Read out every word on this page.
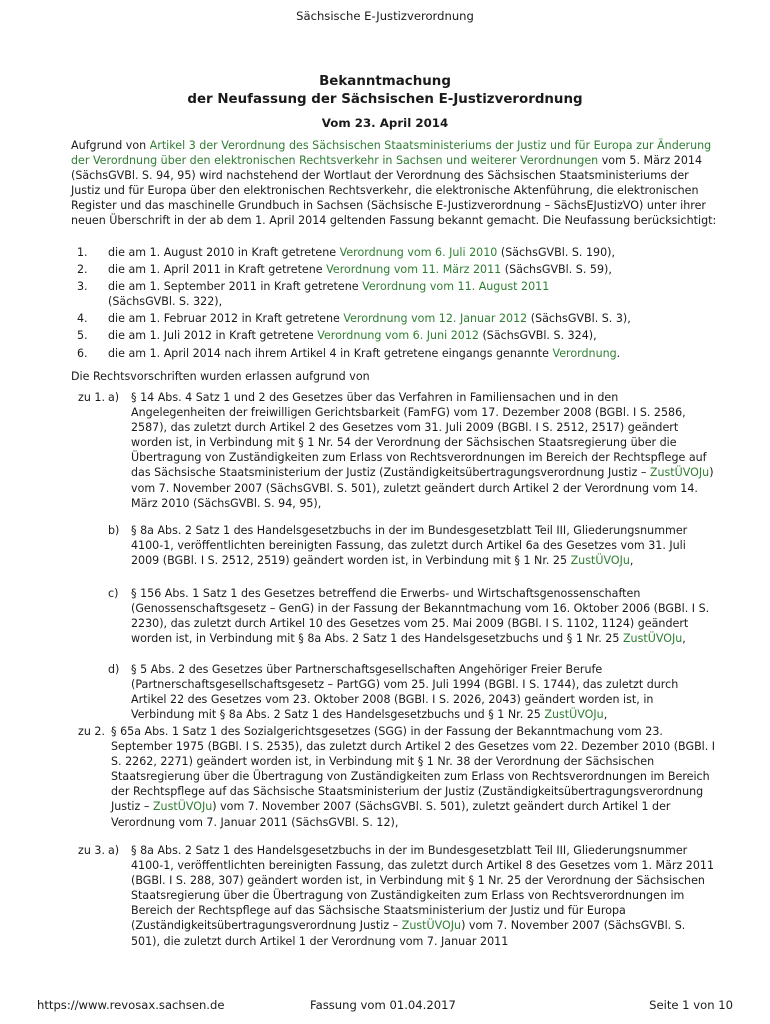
Sächsische E-Justizverordnung
Bekanntmachung
der Neufassung der Sächsischen E-Justizverordnung
Vom 23. April 2014
Aufgrund von Artikel 3 der Verordnung des Sächsischen Staatsministeriums der Justiz und für Europa zur Änderung der Verordnung über den elektronischen Rechtsverkehr in Sachsen und weiterer Verordnungen vom 5. März 2014 (SächsGVBl. S. 94, 95) wird nachstehend der Wortlaut der Verordnung des Sächsischen Staatsministeriums der Justiz und für Europa über den elektronischen Rechtsverkehr, die elektronische Aktenführung, die elektronischen Register und das maschinelle Grundbuch in Sachsen (Sächsische E-Justizverordnung – SächsEJustizVO) unter ihrer neuen Überschrift in der ab dem 1. April 2014 geltenden Fassung bekannt gemacht. Die Neufassung berücksichtigt:
1. die am 1. August 2010 in Kraft getretene Verordnung vom 6. Juli 2010 (SächsGVBl. S. 190),
2. die am 1. April 2011 in Kraft getretene Verordnung vom 11. März 2011 (SächsGVBl. S. 59),
3. die am 1. September 2011 in Kraft getretene Verordnung vom 11. August 2011
(SächsGVBl. S. 322),
4. die am 1. Februar 2012 in Kraft getretene Verordnung vom 12. Januar 2012 (SächsGVBl. S. 3),
5. die am 1. Juli 2012 in Kraft getretene Verordnung vom 6. Juni 2012 (SächsGVBl. S. 324),
6. die am 1. April 2014 nach ihrem Artikel 4 in Kraft getretene eingangs genannte Verordnung.
Die Rechtsvorschriften wurden erlassen aufgrund von
zu 1. a) § 14 Abs. 4 Satz 1 und 2 des Gesetzes über das Verfahren in Familiensachen und in den Angelegenheiten der freiwilligen Gerichtsbarkeit (FamFG) vom 17. Dezember 2008 (BGBl. I S. 2586, 2587), das zuletzt durch Artikel 2 des Gesetzes vom 31. Juli 2009 (BGBl. I S. 2512, 2517) geändert worden ist, in Verbindung mit § 1 Nr. 54 der Verordnung der Sächsischen Staatsregierung über die Übertragung von Zuständigkeiten zum Erlass von Rechtsverordnungen im Bereich der Rechtspflege auf das Sächsische Staatsministerium der Justiz (Zuständigkeitsübertragungsverordnung Justiz – ZustÜVOJu) vom 7. November 2007 (SächsGVBl. S. 501), zuletzt geändert durch Artikel 2 der Verordnung vom 14. März 2010 (SächsGVBl. S. 94, 95),
b) § 8a Abs. 2 Satz 1 des Handelsgesetzbuchs in der im Bundesgesetzblatt Teil III, Gliederungsnummer 4100-1, veröffentlichten bereinigten Fassung, das zuletzt durch Artikel 6a des Gesetzes vom 31. Juli 2009 (BGBl. I S. 2512, 2519) geändert worden ist, in Verbindung mit § 1 Nr. 25 ZustÜVOJu,
c) § 156 Abs. 1 Satz 1 des Gesetzes betreffend die Erwerbs- und Wirtschaftsgenossenschaften (Genossenschaftsgesetz – GenG) in der Fassung der Bekanntmachung vom 16. Oktober 2006 (BGBl. I S. 2230), das zuletzt durch Artikel 10 des Gesetzes vom 25. Mai 2009 (BGBl. I S. 1102, 1124) geändert worden ist, in Verbindung mit § 8a Abs. 2 Satz 1 des Handelsgesetzbuchs und § 1 Nr. 25 ZustÜVOJu,
d) § 5 Abs. 2 des Gesetzes über Partnerschaftsgesellschaften Angehöriger Freier Berufe (Partnerschaftsgesellschaftsgesetz – PartGG) vom 25. Juli 1994 (BGBl. I S. 1744), das zuletzt durch Artikel 22 des Gesetzes vom 23. Oktober 2008 (BGBl. I S. 2026, 2043) geändert worden ist, in Verbindung mit § 8a Abs. 2 Satz 1 des Handelsgesetzbuchs und § 1 Nr. 25 ZustÜVOJu,
zu 2. § 65a Abs. 1 Satz 1 des Sozialgerichtsgesetzes (SGG) in der Fassung der Bekanntmachung vom 23. September 1975 (BGBl. I S. 2535), das zuletzt durch Artikel 2 des Gesetzes vom 22. Dezember 2010 (BGBl. I S. 2262, 2271) geändert worden ist, in Verbindung mit § 1 Nr. 38 der Verordnung der Sächsischen Staatsregierung über die Übertragung von Zuständigkeiten zum Erlass von Rechtsverordnungen im Bereich der Rechtspflege auf das Sächsische Staatsministerium der Justiz (Zuständigkeitsübertragungsverordnung Justiz – ZustÜVOJu) vom 7. November 2007 (SächsGVBl. S. 501), zuletzt geändert durch Artikel 1 der Verordnung vom 7. Januar 2011 (SächsGVBl. S. 12),
zu 3. a) § 8a Abs. 2 Satz 1 des Handelsgesetzbuchs in der im Bundesgesetzblatt Teil III, Gliederungsnummer 4100-1, veröffentlichten bereinigten Fassung, das zuletzt durch Artikel 8 des Gesetzes vom 1. März 2011 (BGBl. I S. 288, 307) geändert worden ist, in Verbindung mit § 1 Nr. 25 der Verordnung der Sächsischen Staatsregierung über die Übertragung von Zuständigkeiten zum Erlass von Rechtsverordnungen im Bereich der Rechtspflege auf das Sächsische Staatsministerium der Justiz und für Europa (Zuständigkeitsübertragungsverordnung Justiz – ZustÜVOJu) vom 7. November 2007 (SächsGVBl. S. 501), die zuletzt durch Artikel 1 der Verordnung vom 7. Januar 2011
https://www.revosax.sachsen.de	Fassung vom 01.04.2017	Seite 1 von 10
